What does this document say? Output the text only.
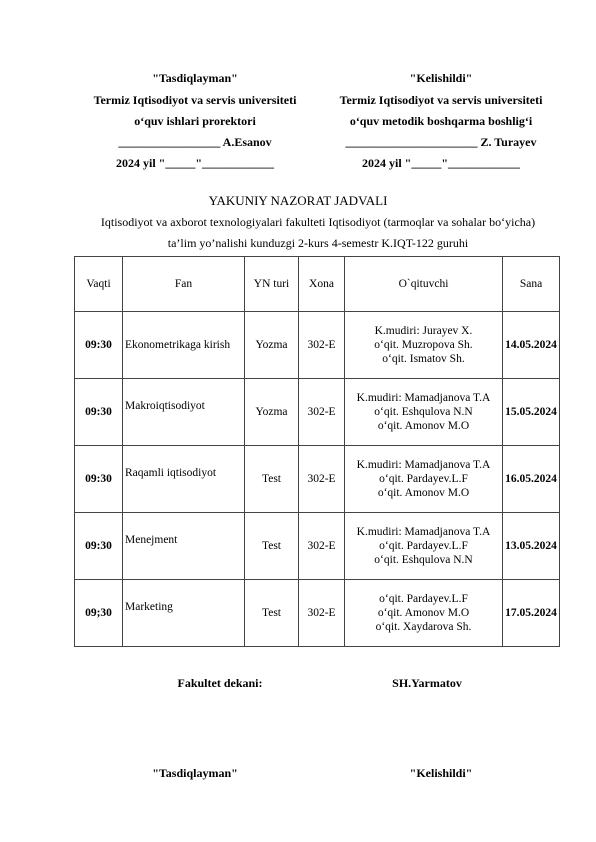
"Tasdiqlayman"
Termiz Iqtisodiyot va servis universiteti
o‘quv ishlari prorektori
_________________ A.Esanov
2024 yil "_____"____________
"Kelishildi"
Termiz Iqtisodiyot va servis universiteti
o‘quv metodik boshqarma boshlig‘i
______________________ Z. Turayev
2024 yil "_____"____________
YAKUNIY NAZORAT JADVALI
Iqtisodiyot va axborot texnologiyalari fakulteti Iqtisodiyot (tarmoqlar va sohalar bo‘yicha)
ta’lim yo’nalishi kunduzgi 2-kurs 4-semestr K.IQT-122 guruhi
Vaqti	Fan	YN turi	Xona	O`qituvchi	Sana
09:30	Ekonometrikaga kirish	Yozma	302-E	K.mudiri: Jurayev X.
o‘qit. Muzropova Sh.
o‘qit. Ismatov Sh.	14.05.2024
09:30	Makroiqtisodiyot	Yozma	302-E	K.mudiri: Mamadjanova T.A
o‘qit. Eshqulova N.N
o‘qit. Amonov M.O	15.05.2024
09:30	Raqamli iqtisodiyot	Test	302-E	K.mudiri: Mamadjanova T.A
o‘qit. Pardayev.L.F
o‘qit. Amonov M.O	16.05.2024
09:30	Menejment	Test	302-E	K.mudiri: Mamadjanova T.A
o‘qit. Pardayev.L.F
o‘qit. Eshqulova N.N	13.05.2024
09;30	Marketing	Test	302-E	o‘qit. Pardayev.L.F
o‘qit. Amonov M.O
o‘qit. Xaydarova Sh.	17.05.2024
Fakultet dekani:	SH.Yarmatov
"Tasdiqlayman"	"Kelishildi"
